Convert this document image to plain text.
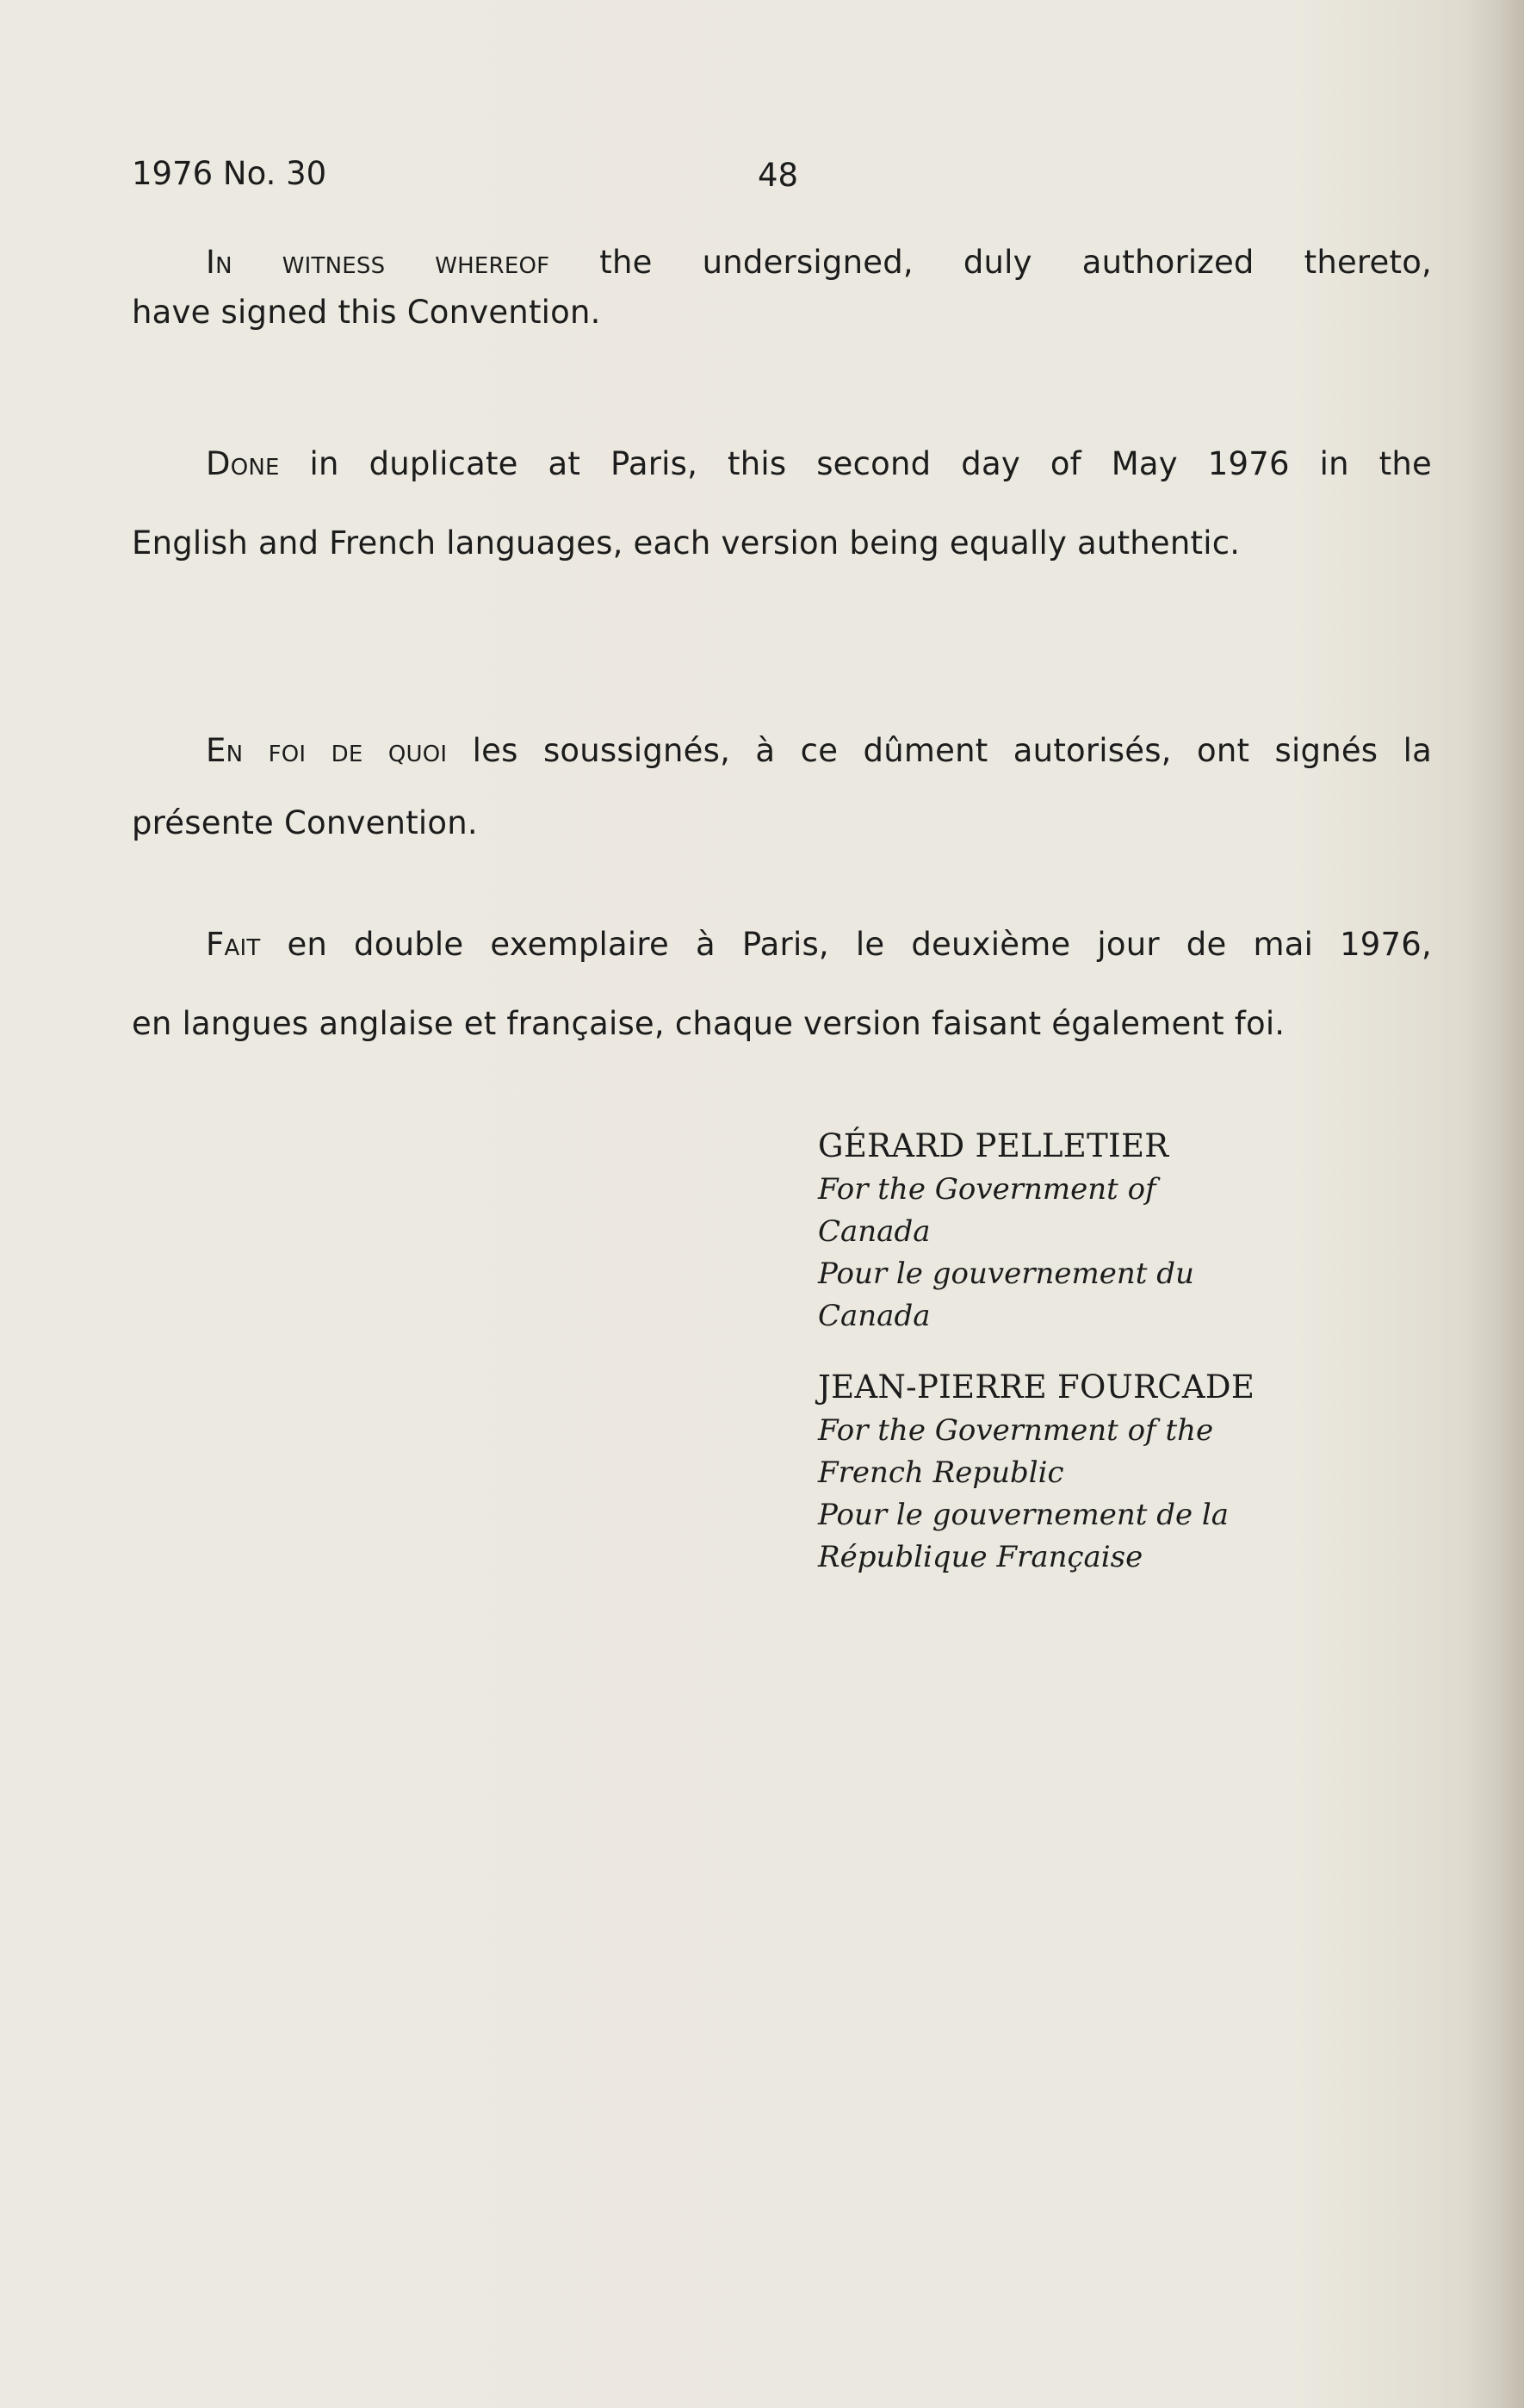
1976 No. 30	48
In witness whereof the undersigned, duly authorized thereto,
have signed this Convention.
Done in duplicate at Paris, this second day of May 1976 in the
English and French languages, each version being equally authentic.
En foi de quoi les soussignés, à ce dûment autorisés, ont signés la
présente Convention.
Fait en double exemplaire à Paris, le deuxième jour de mai 1976,
en langues anglaise et française, chaque version faisant également foi.
GÉRARD PELLETIER
For the Government of
Canada
Pour le gouvernement du
Canada
JEAN-PIERRE FOURCADE
For the Government of the
French Republic
Pour le gouvernement de la
République Française
